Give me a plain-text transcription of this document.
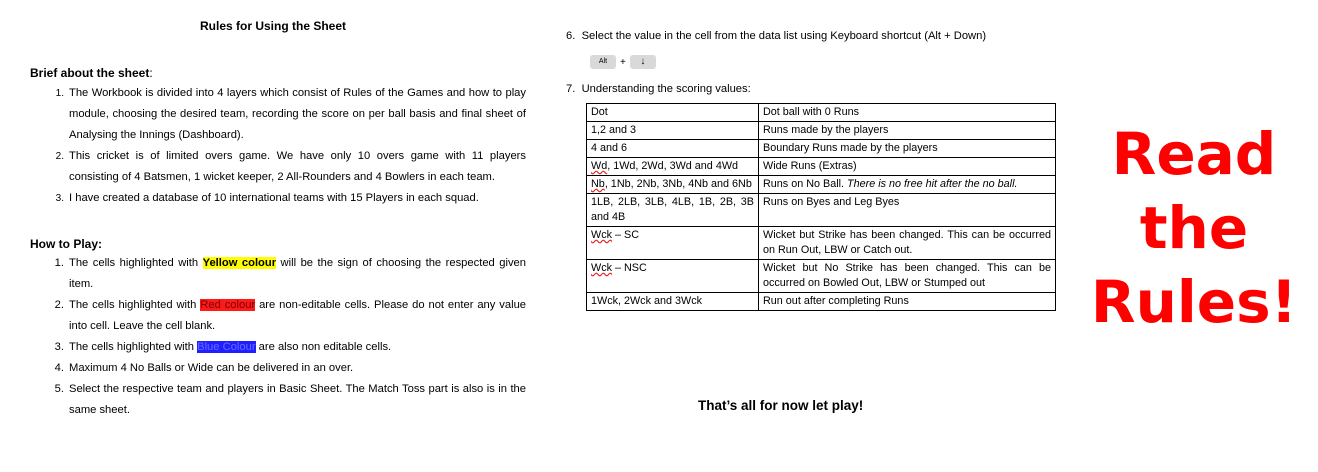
Rules for Using the Sheet
Brief about the sheet:
1. The Workbook is divided into 4 layers which consist of Rules of the Games and how to play module, choosing the desired team, recording the score on per ball basis and final sheet of Analysing the Innings (Dashboard).
2. This cricket is of limited overs game. We have only 10 overs game with 11 players consisting of 4 Batsmen, 1 wicket keeper, 2 All-Rounders and 4 Bowlers in each team.
3. I have created a database of 10 international teams with 15 Players in each squad.
How to Play:
1. The cells highlighted with Yellow colour will be the sign of choosing the respected given item.
2. The cells highlighted with Red colour are non-editable cells. Please do not enter any value into cell. Leave the cell blank.
3. The cells highlighted with Blue Colour are also non editable cells.
4. Maximum 4 No Balls or Wide can be delivered in an over.
5. Select the respective team and players in Basic Sheet. The Match Toss part is also is in the same sheet.
6. Select the value in the cell from the data list using Keyboard shortcut (Alt + Down)
Alt	+	↓
7. Understanding the scoring values:
Dot	Dot ball with 0 Runs
1,2 and 3	Runs made by the players
4 and 6	Boundary Runs made by the players
Wd, 1Wd, 2Wd, 3Wd and 4Wd	Wide Runs (Extras)
Nb, 1Nb, 2Nb, 3Nb, 4Nb and 6Nb	Runs on No Ball. There is no free hit after the no ball.
1LB, 2LB, 3LB, 4LB, 1B, 2B, 3B and 4B	Runs on Byes and Leg Byes
Wck – SC	Wicket but Strike has been changed. This can be occurred on Run Out, LBW or Catch out.
Wck – NSC	Wicket but No Strike has been changed. This can be occurred on Bowled Out, LBW or Stumped out
1Wck, 2Wck and 3Wck	Run out after completing Runs
That’s all for now let play!
Read
the
Rules!
